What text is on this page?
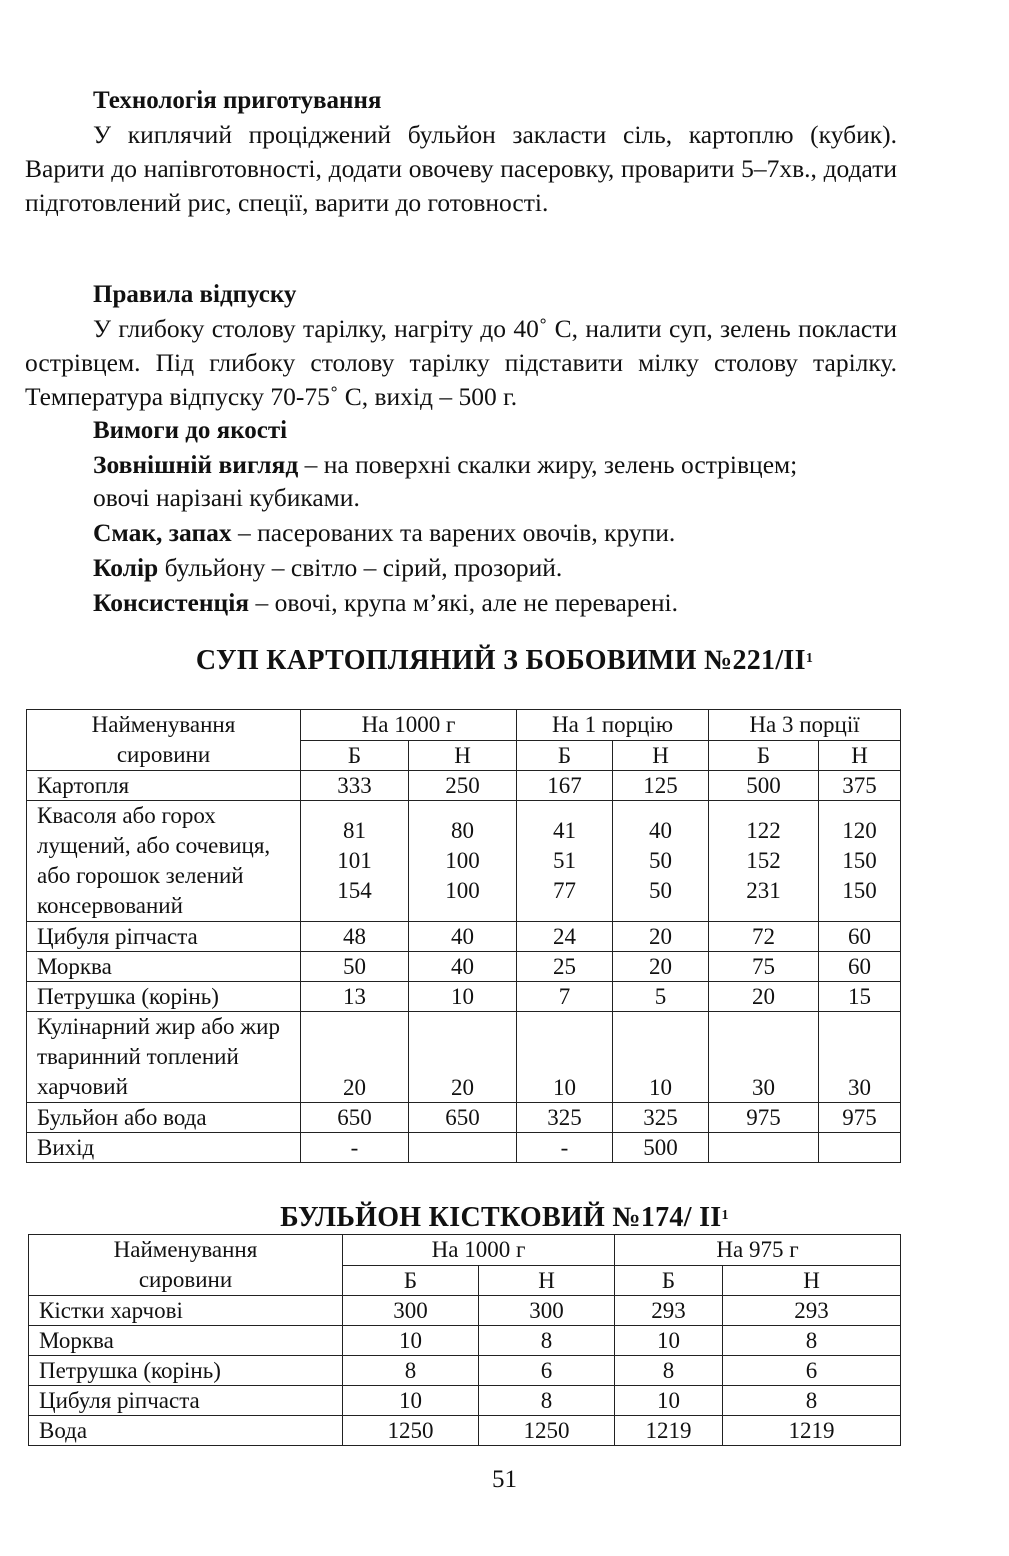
Технологія приготування
У киплячий проціджений бульйон закласти сіль, картоплю (кубик). Варити до напівготовності, додати овочеву пасеровку, проварити 5–7хв., додати підготовлений рис, спеції, варити до готовності.
Правила відпуску
У глибоку столову тарілку, нагріту до 40˚ С, налити суп, зелень покласти острівцем. Під глибоку столову тарілку підставити мілку столову тарілку. Температура відпуску 70-75˚ С, вихід – 500 г.
Вимоги до якості
Зовнішній вигляд – на поверхні скалки жиру, зелень острівцем;
овочі нарізані кубиками.
Смак, запах – пасерованих та варених овочів, крупи.
Колір бульйону – світло – сірий, прозорий.
Консистенція – овочі, крупа м’які, але не переварені.
СУП КАРТОПЛЯНИЙ З БОБОВИМИ $№221/ІІ^1$
Найменування сировини	На 1000 г		На 1 порцію		На 3 порції	
	Б	Н	Б	Н	Б	Н
Картопля	333	250	167	125	500	375
Квасоля або горох лущений, або сочевиця, або горошок зелений консервований	81
101
154	80
100
100	41
51
77	40
50
50	122
152
231	120
150
150
Цибуля ріпчаста	48	40	24	20	72	60
Морква	50	40	25	20	75	60
Петрушка (корінь)	13	10	7	5	20	15
Кулінарний жир або жир тваринний топлений харчовий	20	20	10	10	30	30
Бульйон або вода	650	650	325	325	975	975
Вихід	-		-	500		
БУЛЬЙОН КІСТКОВИЙ №174/ $ІІ^1$
Найменування сировини	На 1000 г		На 975 г	
	Б	Н	Б	Н
Кістки харчові	300	300	293	293
Морква	10	8	10	8
Петрушка (корінь)	8	6	8	6
Цибуля ріпчаста	10	8	10	8
Вода	1250	1250	1219	1219
51
